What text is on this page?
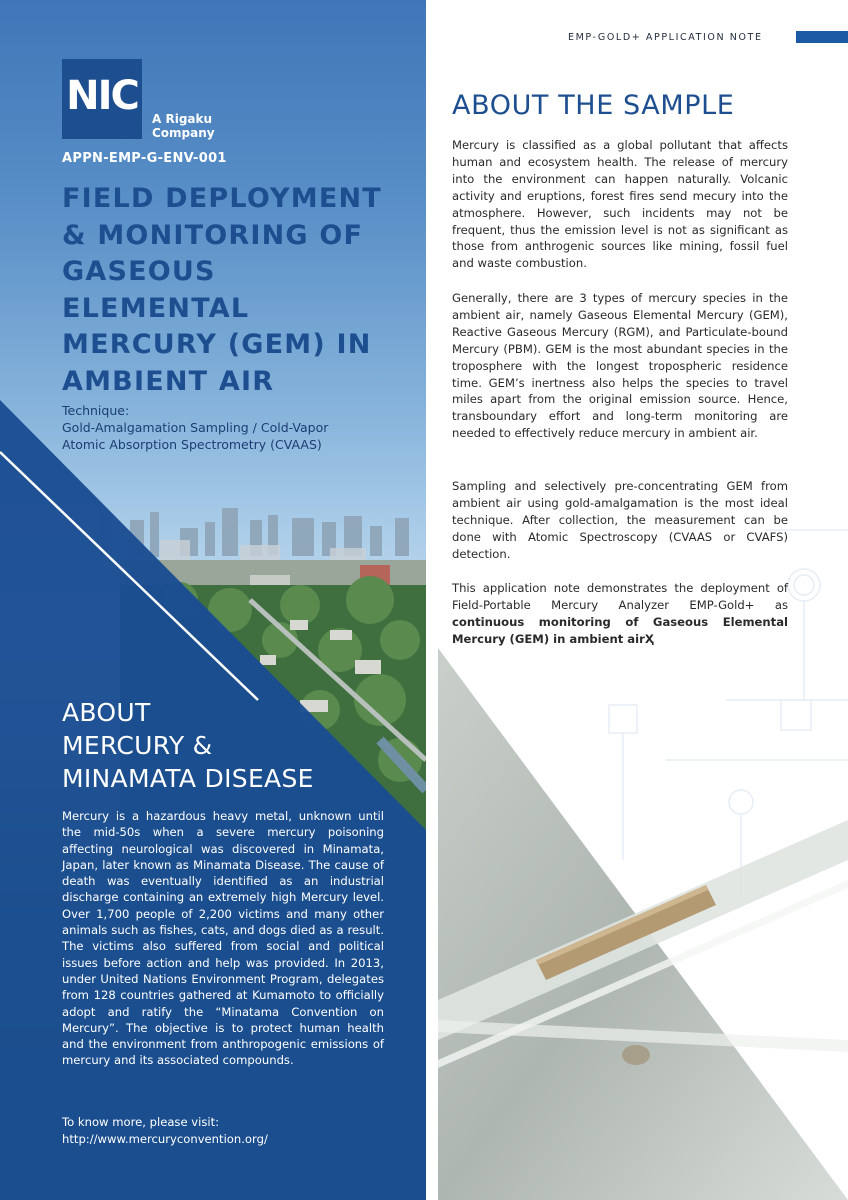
NIC	A Rigaku
Company
APPN-EMP-G-ENV-001
FIELD DEPLOYMENT
& MONITORING OF
GASEOUS
ELEMENTAL
MERCURY (GEM) IN
AMBIENT AIR
Technique:
Gold-Amalgamation Sampling / Cold-Vapor
Atomic Absorption Spectrometry (CVAAS)
ABOUT
MERCURY &
MINAMATA DISEASE
Mercury is a hazardous heavy metal, unknown until the mid-50s when a severe mercury poisoning affecting neurological was discovered in Minamata, Japan, later known as Minamata Disease. The cause of death was eventually identified as an industrial discharge containing an extremely high Mercury level. Over 1,700 people of 2,200 victims and many other animals such as fishes, cats, and dogs died as a result. The victims also suffered from social and political issues before action and help was provided. In 2013, under United Nations Environment Program, delegates from 128 countries gathered at Kumamoto to officially adopt and ratify the “Minatama Convention on Mercury”. The objective is to protect human health and the environment from anthropogenic emissions of mercury and its associated compounds.
To know more, please visit:
http://www.mercuryconvention.org/
EMP-GOLD+ APPLICATION NOTE
ABOUT THE SAMPLE
Mercury is classified as a global pollutant that affects human and ecosystem health. The release of mercury into the environment can happen naturally. Volcanic activity and eruptions, forest fires send mecury into the atmosphere. However, such incidents may not be frequent, thus the emission level is not as significant as those from anthrogenic sources like mining, fossil fuel and waste combustion.
Generally, there are 3 types of mercury species in the ambient air, namely Gaseous Elemental Mercury (GEM), Reactive Gaseous Mercury (RGM), and Particulate-bound Mercury (PBM). GEM is the most abundant species in the troposphere with the longest tropospheric residence time. GEM’s inertness also helps the species to travel miles apart from the original emission source. Hence, transboundary effort and long-term monitoring are needed to effectively reduce mercury in ambient air.
Sampling and selectively pre-concentrating GEM from ambient air using gold-amalgamation is the most ideal technique. After collection, the measurement can be done with Atomic Spectroscopy (CVAAS or CVAFS) detection.
This application note demonstrates the deployment of Field-Portable Mercury Analyzer EMP-Gold+ as continuous monitoring of Gaseous Elemental Mercury (GEM) in ambient airҲ
